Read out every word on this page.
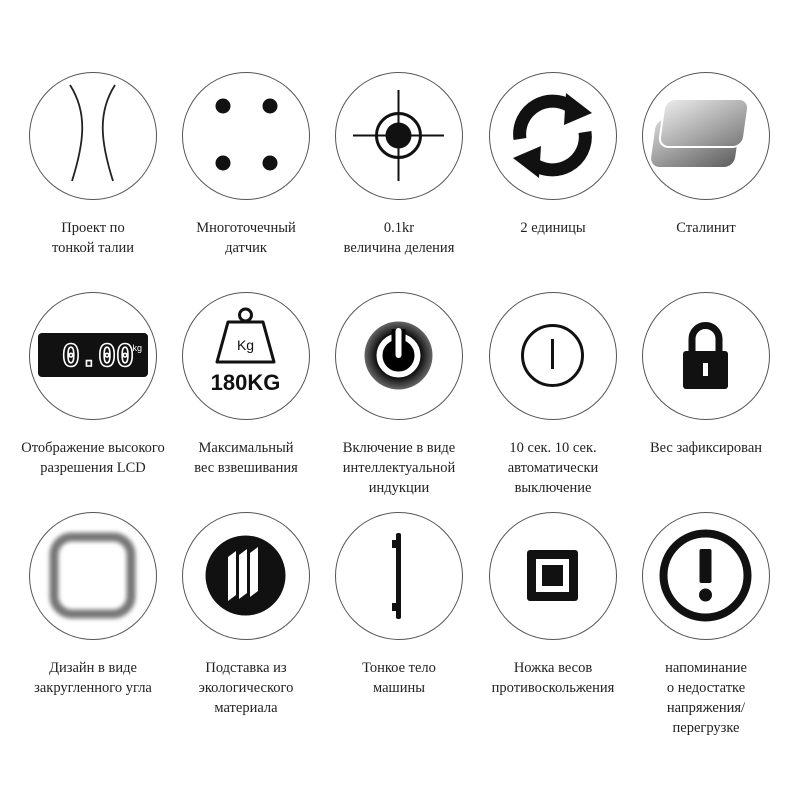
Проект по
тонкой талии
Многоточечный
датчик
0.1kr
величина деления
2 единицы	Сталинит
0.00
kg
Отображение высокого
разрешения LCD
Kg
180KG
Максимальный
вес взвешивания
Включение в виде
интеллектуальной
индукции
10 сек. 10 сек.
автоматически
выключение
Вес зафиксирован
Дизайн в виде
закругленного угла
Подставка из
экологического
материала
Тонкое тело
машины
Ножка весов
противоскольжения
напоминание
о недостатке
напряжения/
перегрузке
